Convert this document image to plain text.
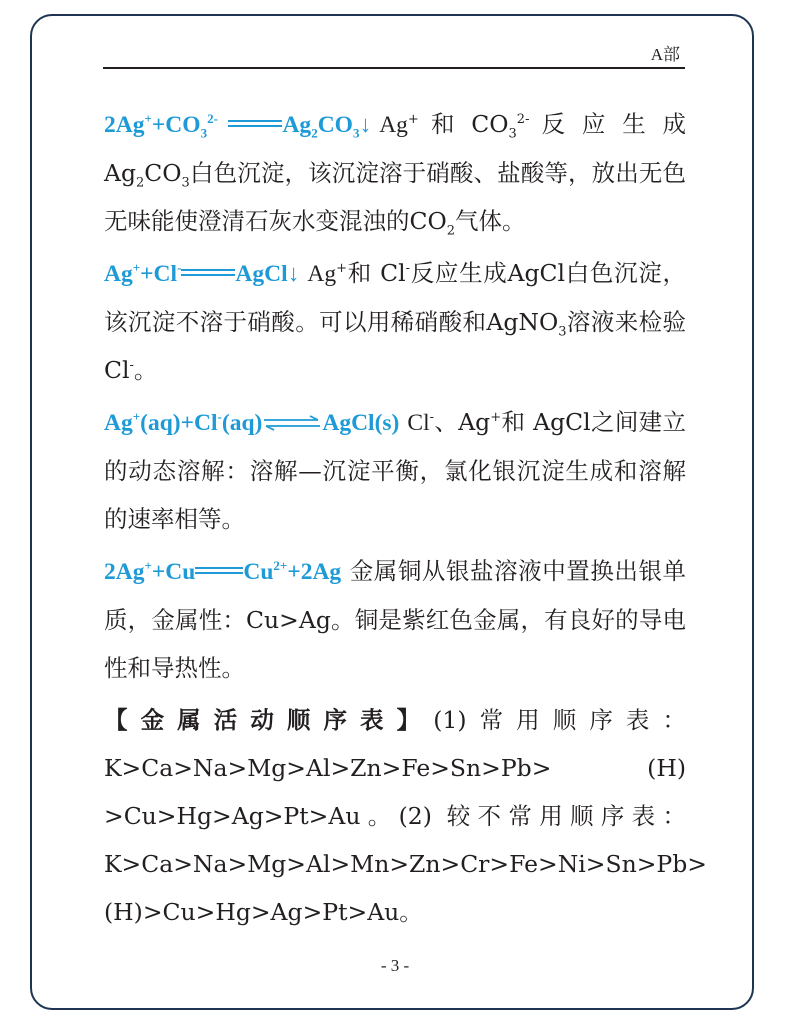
A部

$2Ag^++CO_3^{2-}$	$Ag_2CO_3↓$ Ag+ 和 $CO_3^{2-}$ 反 应 生 成 $Ag_2CO_3$白色沉淀，该沉淀溶于硝酸、盐酸等，放出无色无味能使澄清石灰水变混浊的$CO_2$气体。

Ag++Cl- AgCl↓ Ag+和 Cl-反应生成AgCl白色沉淀，该沉淀不溶于硝酸。可以用稀硝酸和AgNO$_3$溶液来检验Cl-。

Ag+(aq)+Cl-(aq)⇌AgCl(s) Cl-、Ag+和 AgCl之间建立的动态溶解：溶解—沉淀平衡，氯化银沉淀生成和溶解的速率相等。

2Ag++Cu $Cu^{2+}+2Ag$ 金属铜从银盐溶液中置换出银单质，金属性：Cu>Ag。铜是紫红色金属，有良好的导电性和导热性。

【金属活动顺序表】(1)常用顺序表：K>Ca>Na>Mg>Al>Zn>Fe>Sn>Pb> (H) >Cu>Hg>Ag>Pt>Au。(2) 较不常用顺序表：K>Ca>Na>Mg>Al>Mn>Zn>Cr>Fe>Ni>Sn>Pb>(H)>Cu>Hg>Ag>Pt>Au。

- 3 -
